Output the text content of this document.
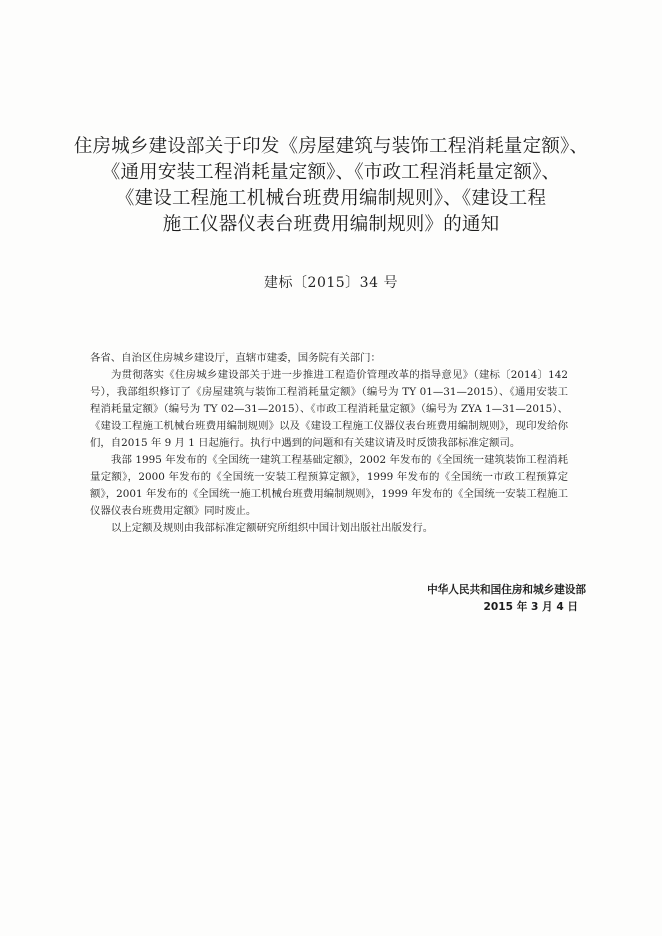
住房城乡建设部关于印发《房屋建筑与装饰工程消耗量定额》、
《通用安装工程消耗量定额》、《市政工程消耗量定额》、
《建设工程施工机械台班费用编制规则》、《建设工程
施工仪器仪表台班费用编制规则》的通知
建标〔2015〕34 号

各省、自治区住房城乡建设厅，直辖市建委，国务院有关部门：

为贯彻落实《住房城乡建设部关于进一步推进工程造价管理改革的指导意见》（建标〔2014〕142号），我部组织修订了《房屋建筑与装饰工程消耗量定额》（编号为 TY 01—31—2015）、《通用安装工程消耗量定额》（编号为 TY 02—31—2015）、《市政工程消耗量定额》（编号为 ZYA 1—31—2015）、《建设工程施工机械台班费用编制规则》以及《建设工程施工仪器仪表台班费用编制规则》，现印发给你们，自2015 年 9 月 1 日起施行。执行中遇到的问题和有关建议请及时反馈我部标准定额司。

我部 1995 年发布的《全国统一建筑工程基础定额》，2002 年发布的《全国统一建筑装饰工程消耗量定额》，2000 年发布的《全国统一安装工程预算定额》，1999 年发布的《全国统一市政工程预算定额》，2001 年发布的《全国统一施工机械台班费用编制规则》，1999 年发布的《全国统一安装工程施工仪器仪表台班费用定额》同时废止。

以上定额及规则由我部标准定额研究所组织中国计划出版社出版发行。

中华人民共和国住房和城乡建设部
2015 年 3 月 4 日
